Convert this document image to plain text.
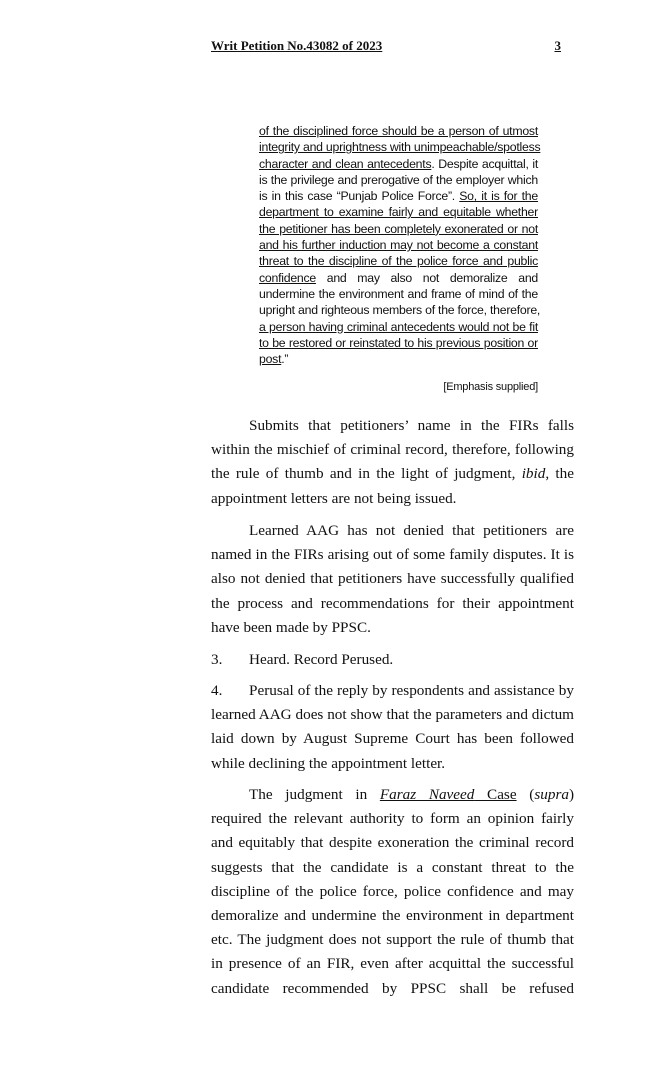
Writ Petition No.43082 of 2023	3
of the disciplined force should be a person of utmost
integrity and uprightness with unimpeachable/spotless
character and clean antecedents. Despite acquittal, it
is the privilege and prerogative of the employer which
is in this case “Punjab Police Force”. So, it is for the
department to examine fairly and equitable whether
the petitioner has been completely exonerated or not
and his further induction may not become a constant
threat to the discipline of the police force and public
confidence and may also not demoralize and
undermine the environment and frame of mind of the
upright and righteous members of the force, therefore,
a person having criminal antecedents would not be fit
to be restored or reinstated to his previous position or
post.”
[Emphasis supplied]
Submits that petitioners’ name in the FIRs falls
within the mischief of criminal record, therefore, following
the rule of thumb and in the light of judgment, ibid, the
appointment letters are not being issued.
Learned AAG has not denied that petitioners are
named in the FIRs arising out of some family disputes. It is
also not denied that petitioners have successfully qualified
the process and recommendations for their appointment
have been made by PPSC.
3. Heard. Record Perused.
4. Perusal of the reply by respondents and assistance by
learned AAG does not show that the parameters and dictum
laid down by August Supreme Court has been followed
while declining the appointment letter.
The judgment in Faraz Naveed Case (supra)
required the relevant authority to form an opinion fairly
and equitably that despite exoneration the criminal record
suggests that the candidate is a constant threat to the
discipline of the police force, police confidence and may
demoralize and undermine the environment in department
etc. The judgment does not support the rule of thumb that
in presence of an FIR, even after acquittal the successful
candidate recommended by PPSC shall be refused
